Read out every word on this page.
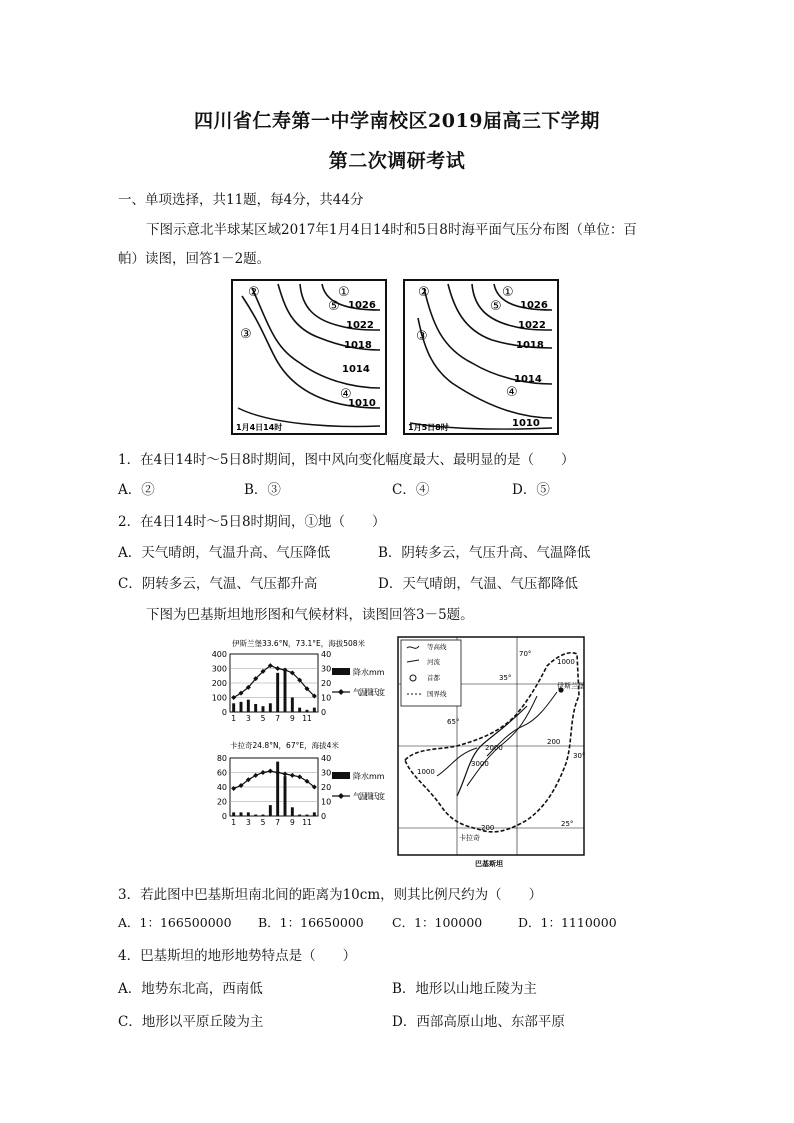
四川省仁寿第一中学南校区2019届高三下学期
第二次调研考试
一、单项选择，共11题，每4分，共44分
下图示意北半球某区域2017年1月4日14时和5日8时海平面气压分布图（单位：百
帕）读图，回答1－2题。
1026
1022
1018
1014
1010
①
②
③
④
⑤
1月4日14时
1026
1022
1018
1014
1010
①
②
③
④
⑤
1月5日8时
1．在4日14时～5日8时期间，图中风向变化幅度最大、最明显的是（　　）
A．②	B．③	C．④	D．⑤
2．在4日14时～5日8时期间，①地（　　）
A．天气晴朗，气温升高、气压降低	B．阴转多云，气压升高、气温降低
C．阴转多云，气温、气压都升高	D．天气晴朗，气温、气压都降低
下图为巴基斯坦地形图和气候材料，读图回答3－5题。
伊斯兰堡33.6°N，73.1°E，海拔508米
卡拉奇24.8°N，67°E，海拔4米
400	40
300	30
200	20
100	10
0	0
1 3 5 7 9 11
80	40
60	30
40	20
20	10
0	0
1 3 5 7 9 11
降水mm
气温摄氏度
降水mm
气温摄氏度
等高线
河流
首都
国界线
伊斯兰堡
卡拉奇
巴基斯坦
1000
2000
3000
1000
200
200
35°
30°
25°
65°
70°
3．若此图中巴基斯坦南北间的距离为10cm，则其比例尺约为（　　）
A．1：166500000 B．1：16650000 C．1：100000	D．1：1110000
4．巴基斯坦的地形地势特点是（　　）
A．地势东北高，西南低	B．地形以山地丘陵为主
C．地形以平原丘陵为主	D．西部高原山地、东部平原
